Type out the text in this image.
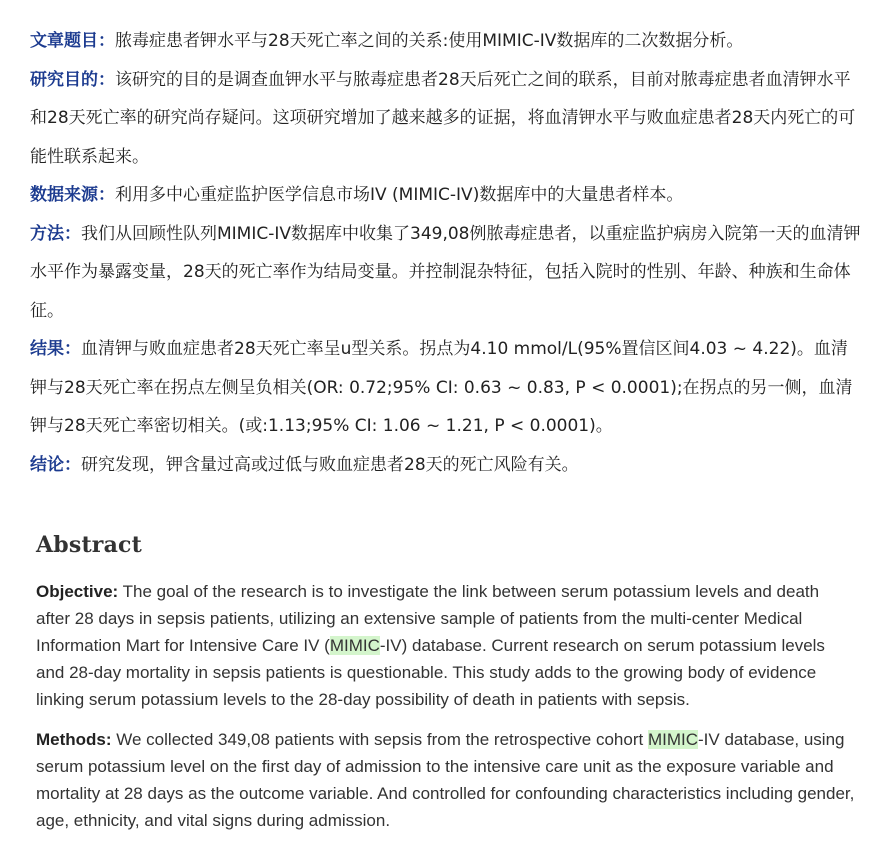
文章题目：脓毒症患者钾水平与28天死亡率之间的关系:使用MIMIC-IV数据库的二次数据分析。

研究目的：该研究的目的是调查血钾水平与脓毒症患者28天后死亡之间的联系，目前对脓毒症患者血清钾水平和28天死亡率的研究尚存疑问。这项研究增加了越来越多的证据，将血清钾水平与败血症患者28天内死亡的可能性联系起来。

数据来源：利用多中心重症监护医学信息市场IV (MIMIC-IV)数据库中的大量患者样本。

方法：我们从回顾性队列MIMIC-IV数据库中收集了349,08例脓毒症患者，以重症监护病房入院第一天的血清钾水平作为暴露变量，28天的死亡率作为结局变量。并控制混杂特征，包括入院时的性别、年龄、种族和生命体征。

结果：血清钾与败血症患者28天死亡率呈u型关系。拐点为4.10 mmol/L(95%置信区间4.03 ~ 4.22)。血清钾与28天死亡率在拐点左侧呈负相关(OR: 0.72;95% CI: 0.63 ~ 0.83, P < 0.0001);在拐点的另一侧，血清钾与28天死亡率密切相关。(或:1.13;95% CI: 1.06 ~ 1.21, P < 0.0001)。

结论：研究发现，钾含量过高或过低与败血症患者28天的死亡风险有关。

Abstract

Objective: The goal of the research is to investigate the link between serum potassium levels and death after 28 days in sepsis patients, utilizing an extensive sample of patients from the multi-center Medical Information Mart for Intensive Care IV (MIMIC-IV) database. Current research on serum potassium levels and 28-day mortality in sepsis patients is questionable. This study adds to the growing body of evidence linking serum potassium levels to the 28-day possibility of death in patients with sepsis.

Methods: We collected 349,08 patients with sepsis from the retrospective cohort MIMIC-IV database, using serum potassium level on the first day of admission to the intensive care unit as the exposure variable and mortality at 28 days as the outcome variable. And controlled for confounding characteristics including gender, age, ethnicity, and vital signs during admission.
